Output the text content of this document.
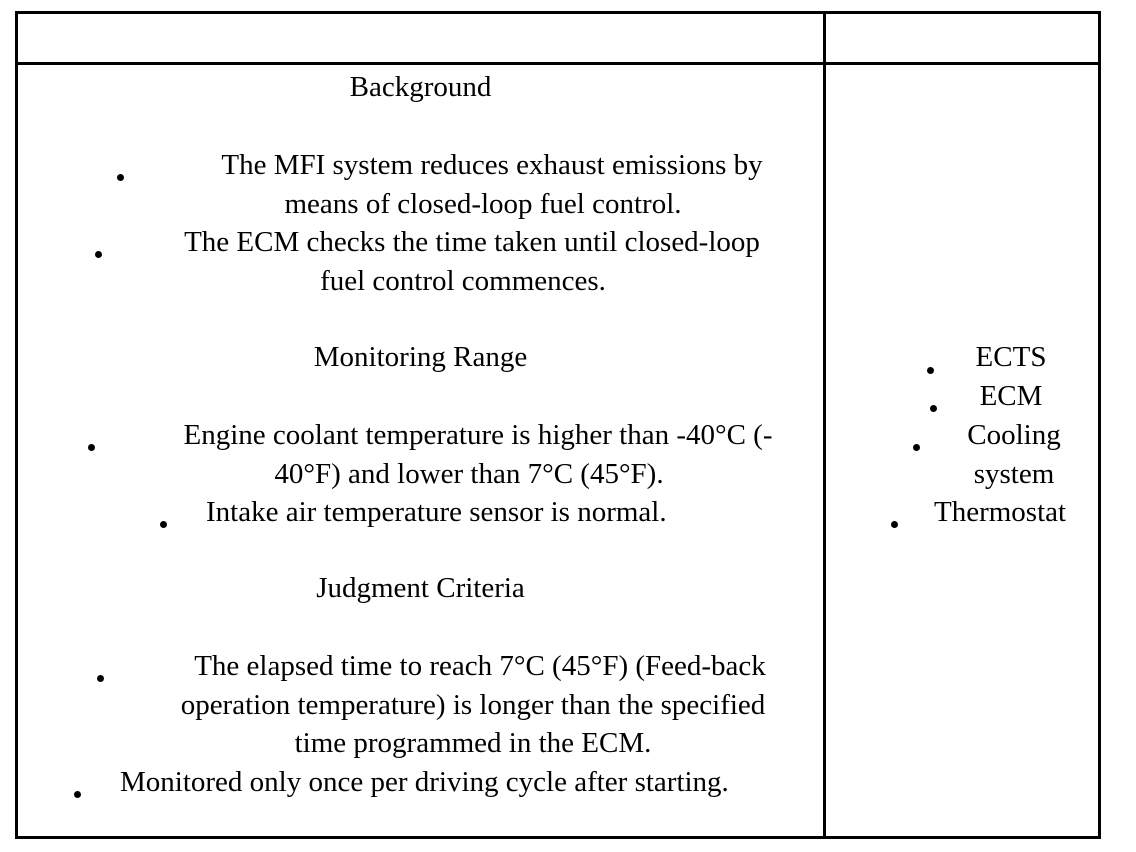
Background
The MFI system reduces exhaust emissions by
means of closed-loop fuel control.
The ECM checks the time taken until closed-loop
fuel control commences.
Monitoring Range
Engine coolant temperature is higher than -40°C (-
40°F) and lower than 7°C (45°F).
Intake air temperature sensor is normal.
Judgment Criteria
The elapsed time to reach 7°C (45°F) (Feed-back
operation temperature) is longer than the specified
time programmed in the ECM.
Monitored only once per driving cycle after starting.
ECTS
ECM
Cooling
system
Thermostat
